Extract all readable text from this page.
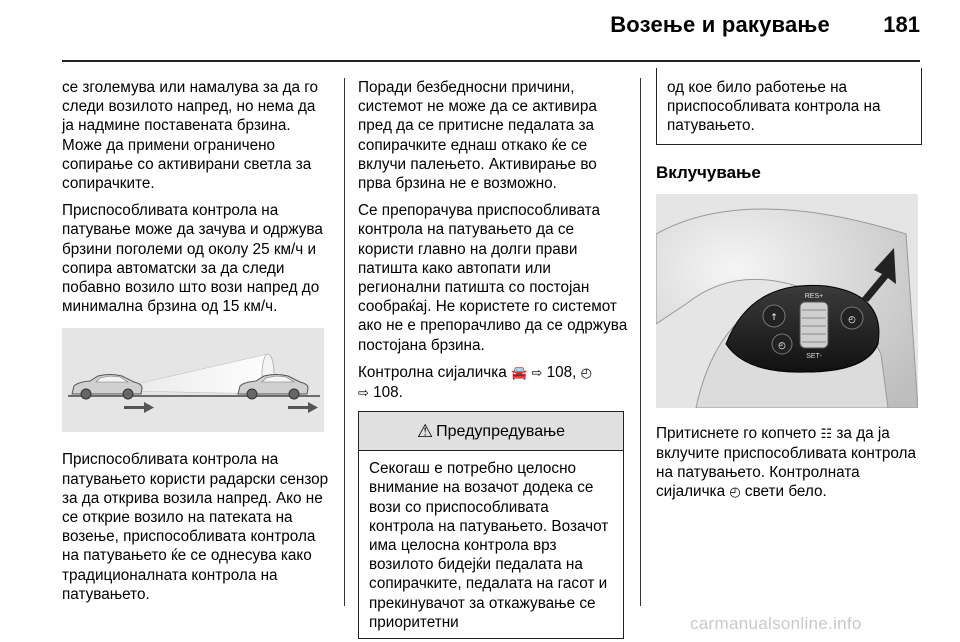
Возење и ракување 181

се зголемува или намалува за да го следи возилото напред, но нема да ја надмине поставената брзина. Може да примени ограничено сопирање со активирани светла за сопирачките.

Приспособливата контрола на патување може да зачува и одржува брзини поголеми од околу 25 км/ч и сопира автоматски за да следи побавно возило што вози напред до минимална брзина од 15 км/ч.

Приспособливата контрола на патувањето користи радарски сензор за да открива возила напред. Ако не се открие возило на патеката на возење, приспособливата контрола на патувањето ќе се однесува како традиционалната контрола на патувањето.

Поради безбедносни причини, системот не може да се активира пред да се притисне педалата за сопирачките еднаш откако ќе се вклучи палењето. Активирање во прва брзина не е возможно.

Се препорачува приспособливата контрола на патувањето да се користи главно на долги прави патишта како автопати или регионални патишта со постојан сообраќај. Не користете го системот ако не е препорачливо да се одржува постојана брзина.

Контролна сијаличка 🚘 ⇨ 108, ◴
⇨ 108.

⚠ Предупредување
Секогаш е потребно целосно внимание на возачот додека се вози со приспособливата контрола на патувањето. Возачот има целосна контрола врз возилото бидејќи педалата на сопирачките, педалата на гасот и прекинувачот за откажување се приоритетни
од кое било работење на приспособливата контрола на патувањето.
Вклучување
↑
◴
RES+
SET-
◴

Притиснете го копчето ☷ за да ја вклучите приспособливата контрола на патувањето. Контролната сијаличка ◴ свети бело.

carmanualsonline.info
